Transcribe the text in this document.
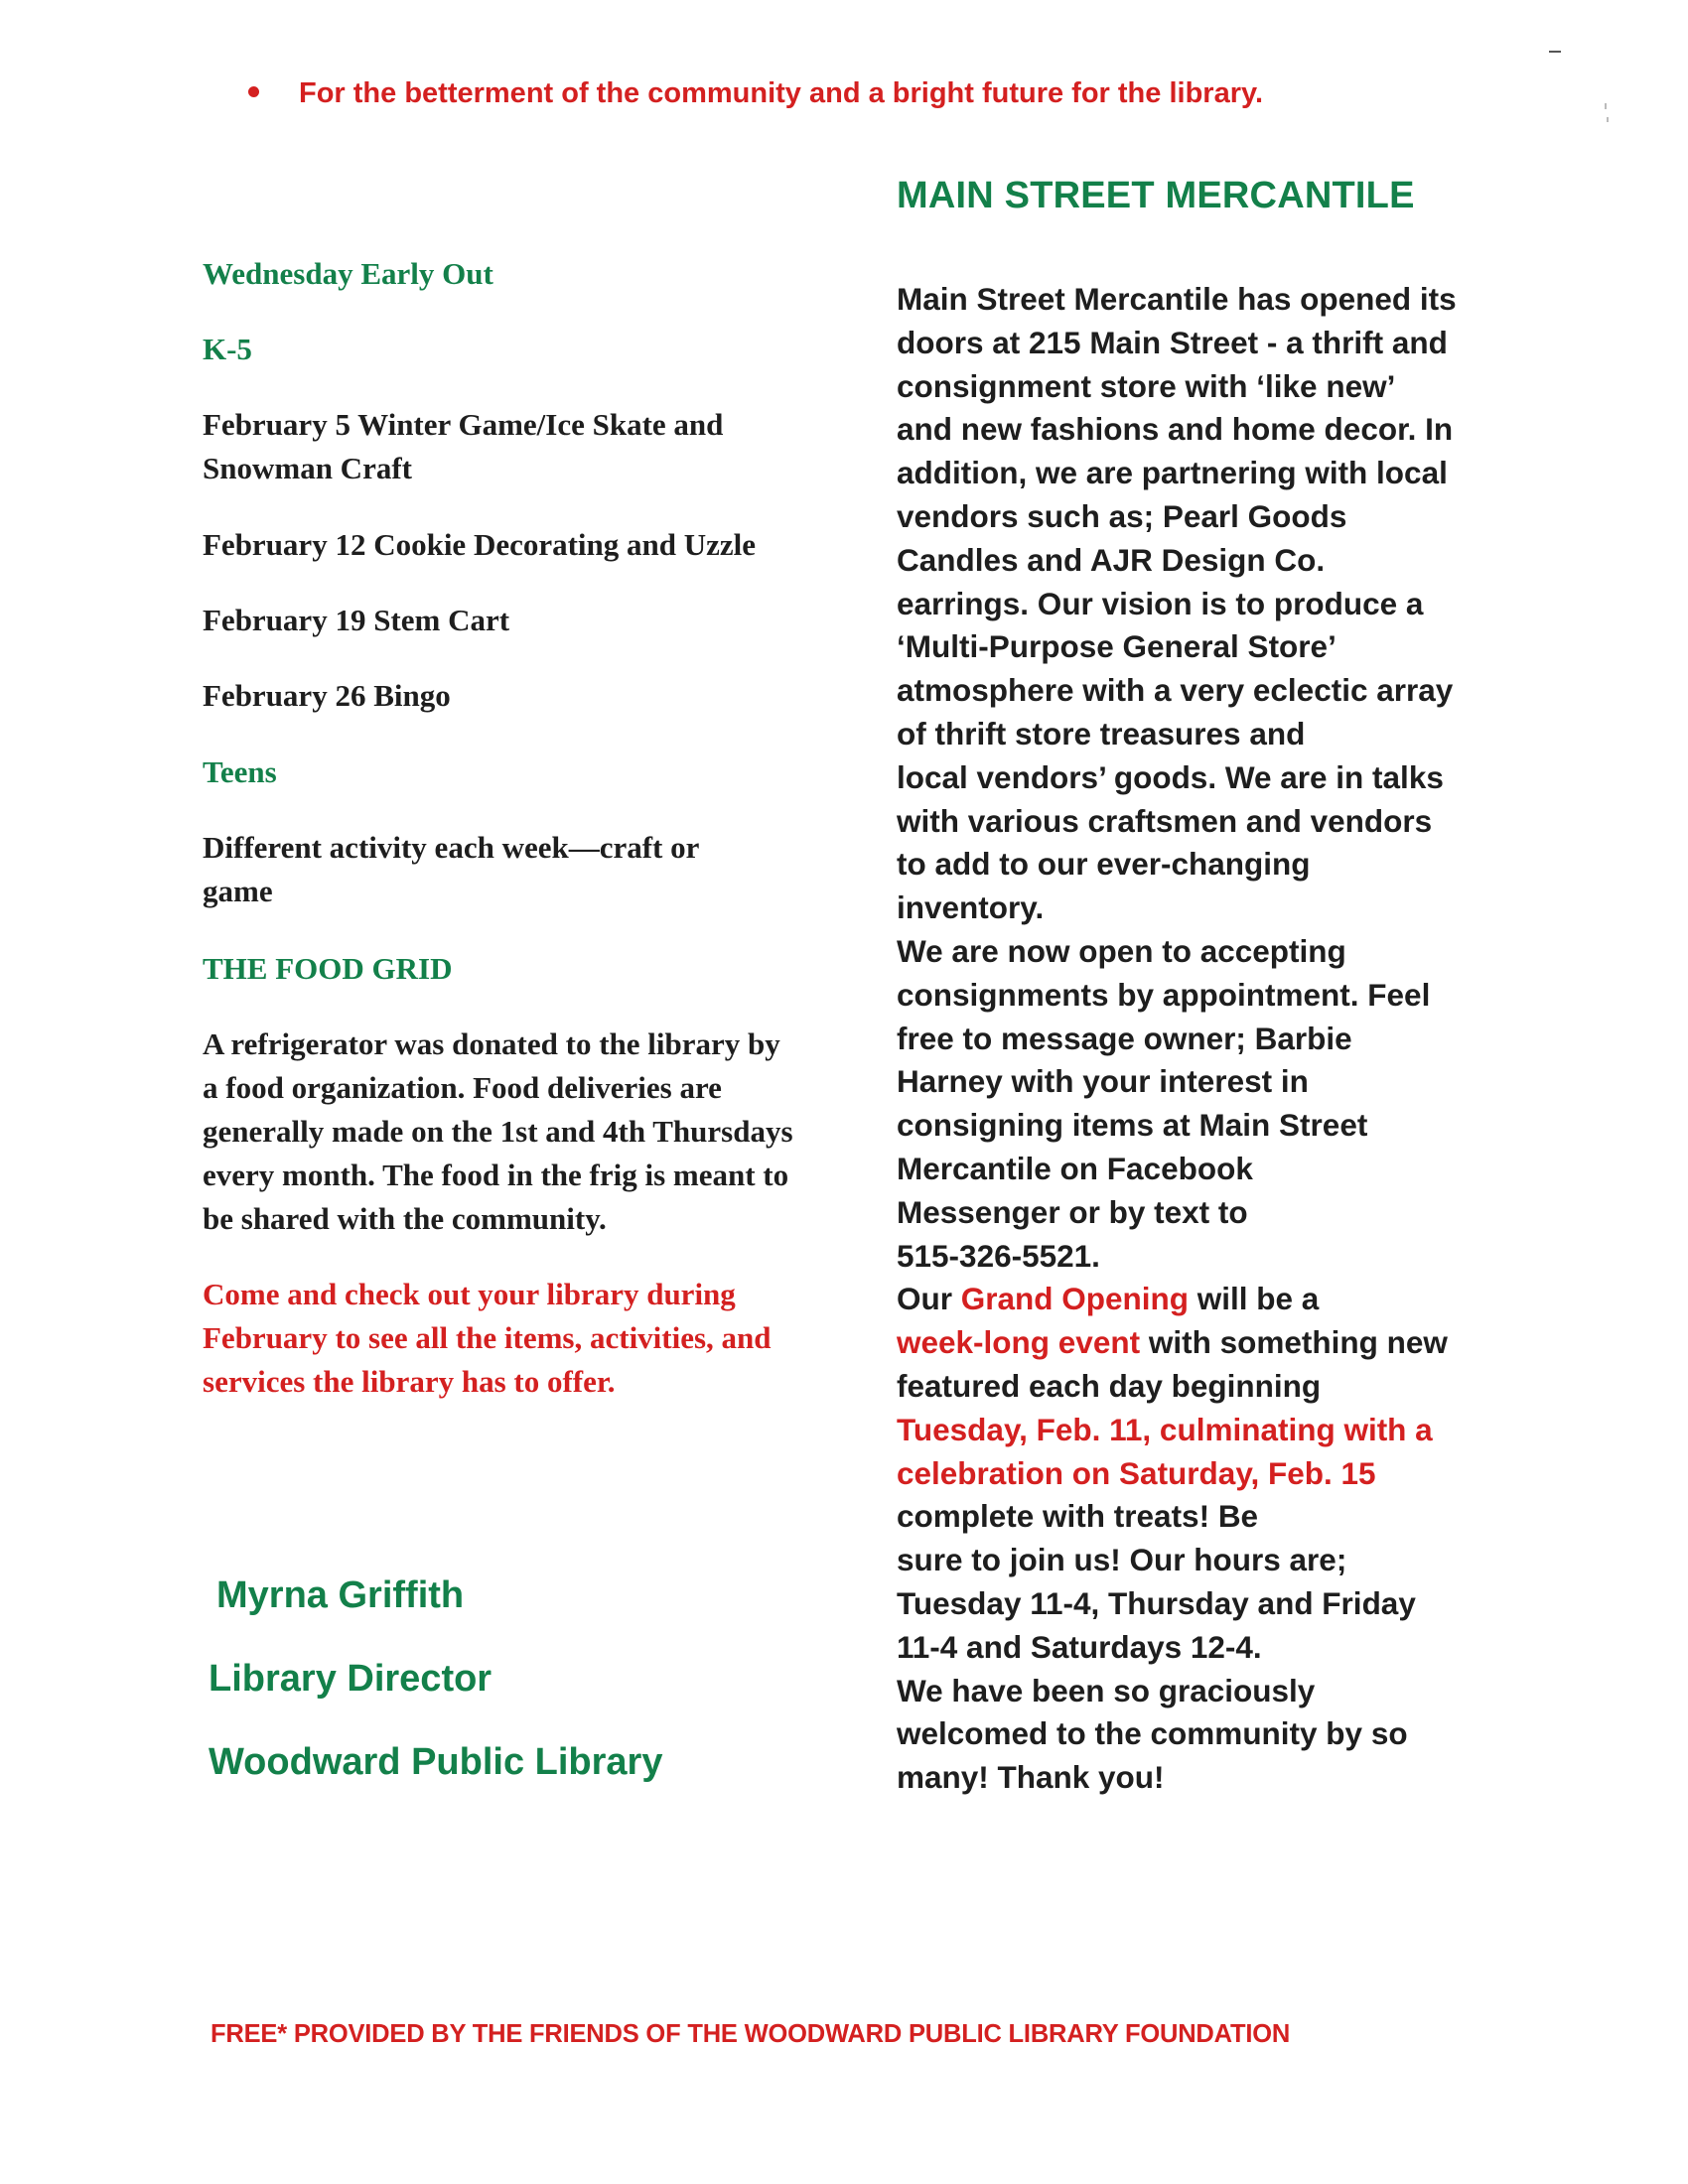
For the betterment of the community and a bright future for the library.

Wednesday Early Out

K-5

February 5 Winter Game/Ice Skate and Snowman Craft

February 12 Cookie Decorating and Uzzle

February 19 Stem Cart

February 26 Bingo

Teens

Different activity each week—craft or game

THE FOOD GRID

A refrigerator was donated to the library by a food organization. Food deliveries are generally made on the 1st and 4th Thursdays every month. The food in the frig is meant to be shared with the community.

Come and check out your library during February to see all the items, activities, and services the library has to offer.

Myrna Griffith
Library Director
Woodward Public Library
MAIN STREET MERCANTILE
Main Street Mercantile has opened its
doors at 215 Main Street - a thrift and
consignment store with ‘like new’
and new fashions and home decor. In
addition, we are partnering with local
vendors such as; Pearl Goods
Candles and AJR Design Co.
earrings. Our vision is to produce a
‘Multi-Purpose General Store’
atmosphere with a very eclectic array
of thrift store treasures and
local vendors’ goods. We are in talks
with various craftsmen and vendors
to add to our ever-changing
inventory.
We are now open to accepting
consignments by appointment. Feel
free to message owner; Barbie
Harney with your interest in
consigning items at Main Street
Mercantile on Facebook
Messenger or by text to
515-326-5521.
Our Grand Opening will be a
week-long event with something new
featured each day beginning
Tuesday, Feb. 11, culminating with a
celebration on Saturday, Feb. 15
complete with treats! Be
sure to join us! Our hours are;
Tuesday 11-4, Thursday and Friday
11-4 and Saturdays 12-4.
We have been so graciously
welcomed to the community by so
many! Thank you!
FREE* PROVIDED BY THE FRIENDS OF THE WOODWARD PUBLIC LIBRARY FOUNDATION
